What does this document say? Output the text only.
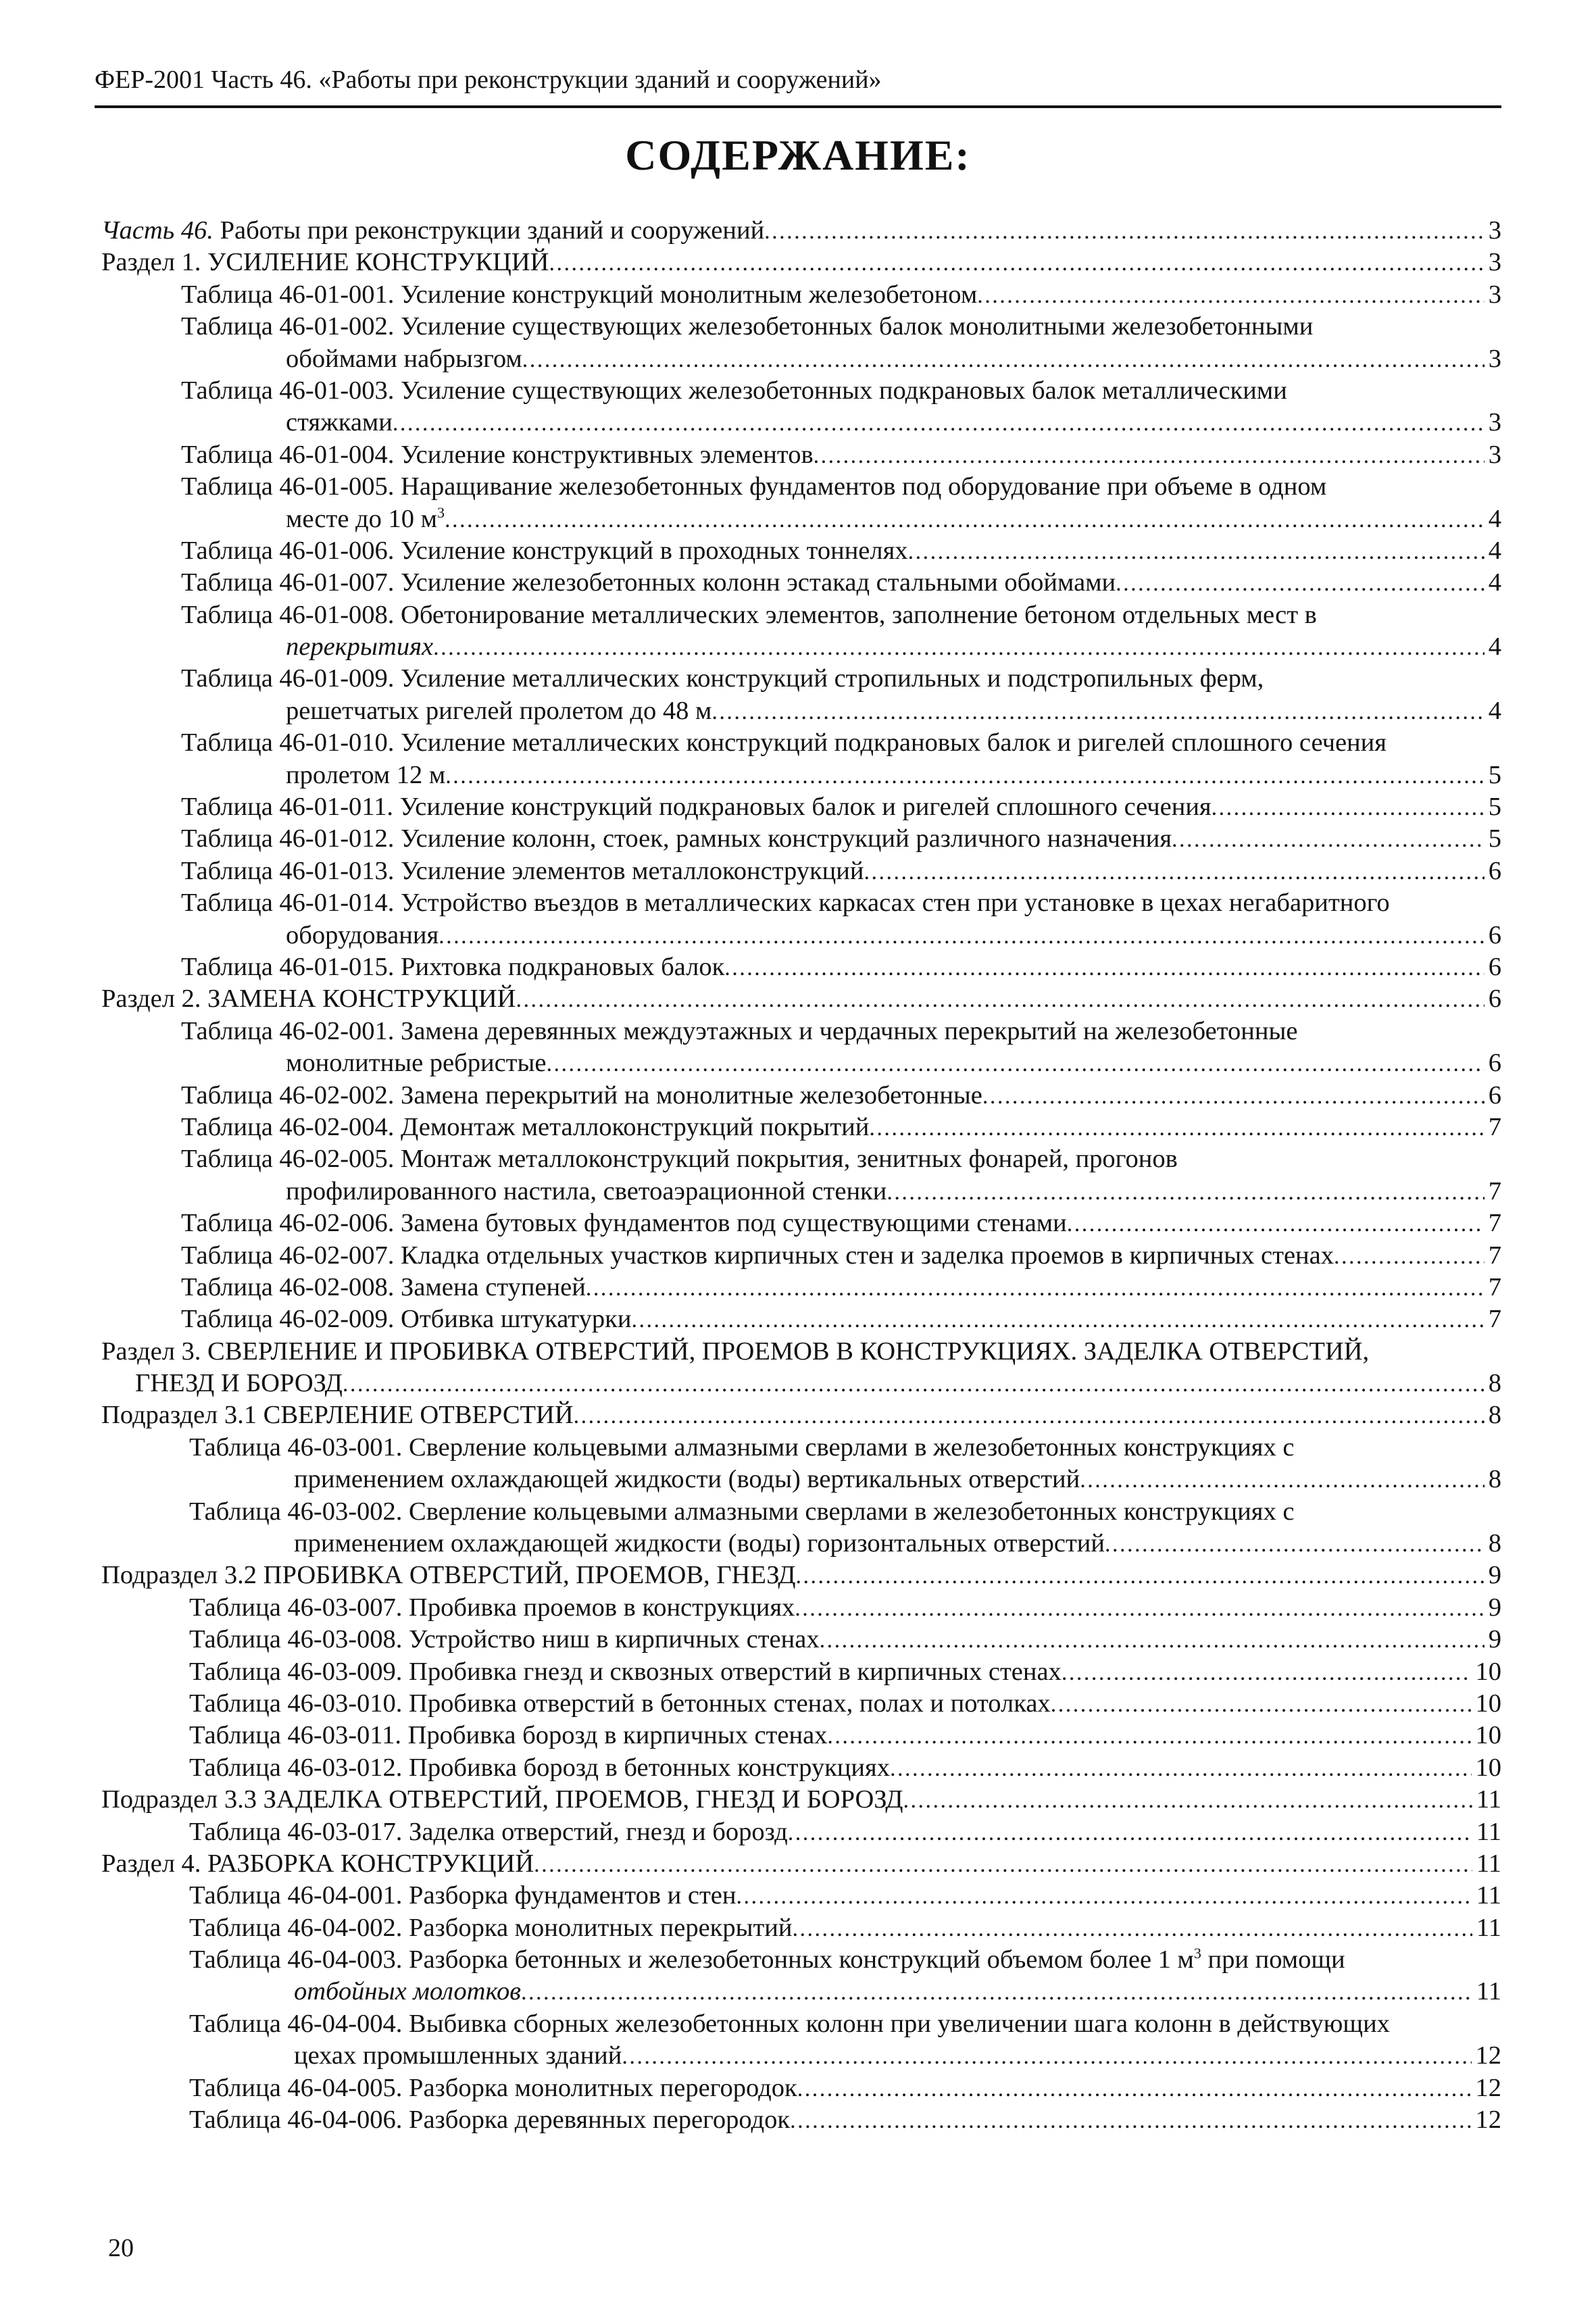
ФЕР-2001 Часть 46. «Работы при реконструкции зданий и сооружений»
СОДЕРЖАНИЕ:
Часть 46. Работы при реконструкции зданий и сооружений . . .	3
Раздел 1. УСИЛЕНИЕ КОНСТРУКЦИЙ . . .	3
Таблица 46-01-001. Усиление конструкций монолитным железобетоном . . .	3
Таблица 46-01-002. Усиление существующих железобетонных балок монолитными железобетонными
обоймами набрызгом . . .	3
Таблица 46-01-003. Усиление существующих железобетонных подкрановых балок металлическими
стяжками . . .	3
Таблица 46-01-004. Усиление конструктивных элементов . . .	3
Таблица 46-01-005. Наращивание железобетонных фундаментов под оборудование при объеме в одном
месте до 10 $м^3$ . . .	4
Таблица 46-01-006. Усиление конструкций в проходных тоннелях . . .	4
Таблица 46-01-007. Усиление железобетонных колонн эстакад стальными обоймами . . .	4
Таблица 46-01-008. Обетонирование металлических элементов, заполнение бетоном отдельных мест в
перекрытиях . . .	4
Таблица 46-01-009. Усиление металлических конструкций стропильных и подстропильных ферм,
решетчатых ригелей пролетом до 48 м . . .	4
Таблица 46-01-010. Усиление металлических конструкций подкрановых балок и ригелей сплошного сечения
пролетом 12 м . . .	5
Таблица 46-01-011. Усиление конструкций подкрановых балок и ригелей сплошного сечения . . .	5
Таблица 46-01-012. Усиление колонн, стоек, рамных конструкций различного назначения . . .	5
Таблица 46-01-013. Усиление элементов металлоконструкций . . .	6
Таблица 46-01-014. Устройство въездов в металлических каркасах стен при установке в цехах негабаритного
оборудования . . .	6
Таблица 46-01-015. Рихтовка подкрановых балок . . .	6
Раздел 2. ЗАМЕНА КОНСТРУКЦИЙ . . .	6
Таблица 46-02-001. Замена деревянных междуэтажных и чердачных перекрытий на железобетонные
монолитные ребристые . . .	6
Таблица 46-02-002. Замена перекрытий на монолитные железобетонные . . .	6
Таблица 46-02-004. Демонтаж металлоконструкций покрытий . . .	7
Таблица 46-02-005. Монтаж металлоконструкций покрытия, зенитных фонарей, прогонов
профилированного настила, светоаэрационной стенки . . .	7
Таблица 46-02-006. Замена бутовых фундаментов под существующими стенами . . .	7
Таблица 46-02-007. Кладка отдельных участков кирпичных стен и заделка проемов в кирпичных стенах . . .	7
Таблица 46-02-008. Замена ступеней . . .	7
Таблица 46-02-009. Отбивка штукатурки . . .	7
Раздел 3. СВЕРЛЕНИЕ И ПРОБИВКА ОТВЕРСТИЙ, ПРОЕМОВ В КОНСТРУКЦИЯХ. ЗАДЕЛКА ОТВЕРСТИЙ,
ГНЕЗД И БОРОЗД . . .	8
Подраздел 3.1 СВЕРЛЕНИЕ ОТВЕРСТИЙ . . .	8
Таблица 46-03-001. Сверление кольцевыми алмазными сверлами в железобетонных конструкциях с
применением охлаждающей жидкости (воды) вертикальных отверстий . . .	8
Таблица 46-03-002. Сверление кольцевыми алмазными сверлами в железобетонных конструкциях с
применением охлаждающей жидкости (воды) горизонтальных отверстий . . .	8
Подраздел 3.2 ПРОБИВКА ОТВЕРСТИЙ, ПРОЕМОВ, ГНЕЗД . . .	9
Таблица 46-03-007. Пробивка проемов в конструкциях . . .	9
Таблица 46-03-008. Устройство ниш в кирпичных стенах . . .	9
Таблица 46-03-009. Пробивка гнезд и сквозных отверстий в кирпичных стенах . . .	10
Таблица 46-03-010. Пробивка отверстий в бетонных стенах, полах и потолках . . .	10
Таблица 46-03-011. Пробивка борозд в кирпичных стенах . . .	10
Таблица 46-03-012. Пробивка борозд в бетонных конструкциях . . .	10
Подраздел 3.3 ЗАДЕЛКА ОТВЕРСТИЙ, ПРОЕМОВ, ГНЕЗД И БОРОЗД . . .	11
Таблица 46-03-017. Заделка отверстий, гнезд и борозд . . .	11
Раздел 4. РАЗБОРКА КОНСТРУКЦИЙ . . .	11
Таблица 46-04-001. Разборка фундаментов и стен . . .	11
Таблица 46-04-002. Разборка монолитных перекрытий . . .	11
Таблица 46-04-003. Разборка бетонных и железобетонных конструкций объемом более 1 $м^3$ при помощи
отбойных молотков . . .	11
Таблица 46-04-004. Выбивка сборных железобетонных колонн при увеличении шага колонн в действующих
цехах промышленных зданий . . .	12
Таблица 46-04-005. Разборка монолитных перегородок . . .	12
Таблица 46-04-006. Разборка деревянных перегородок . . .	12
20
